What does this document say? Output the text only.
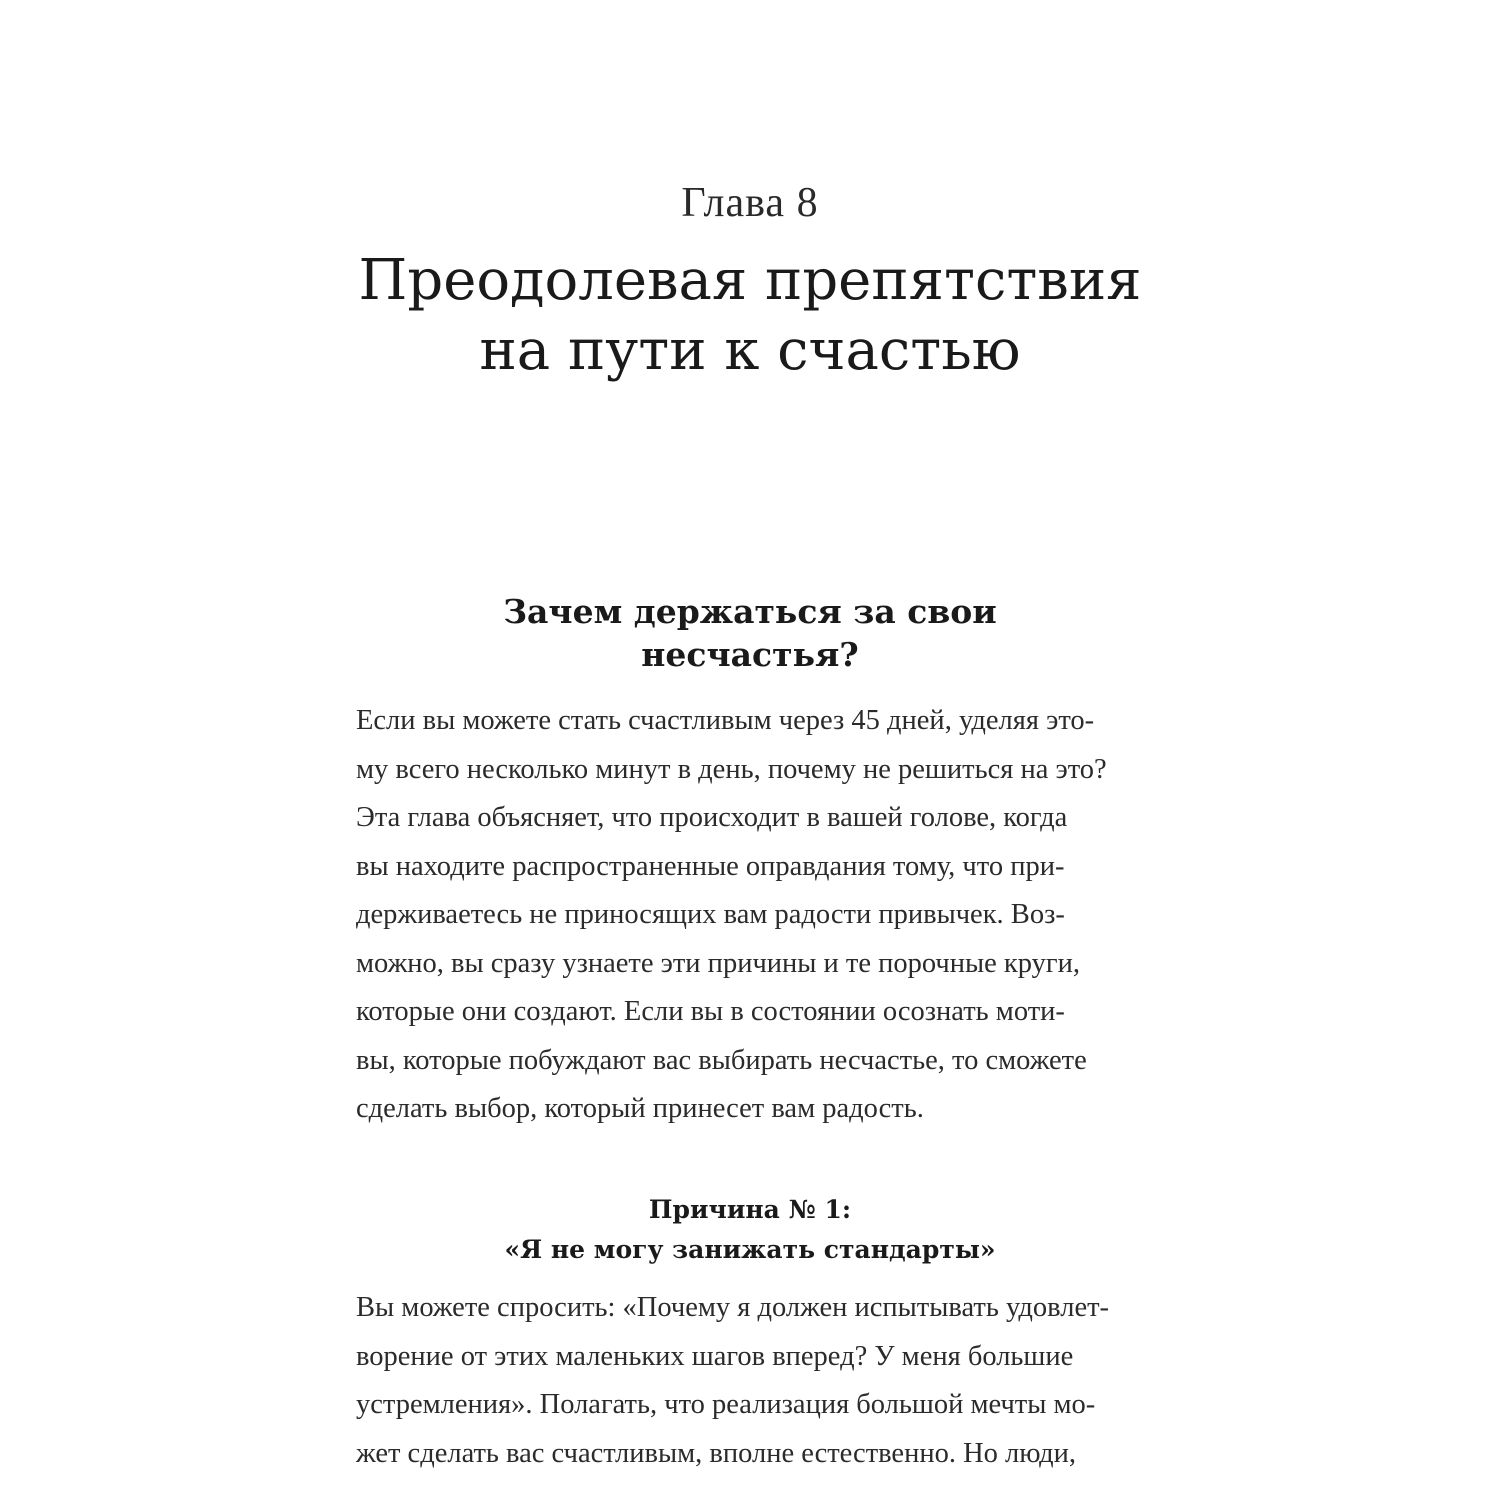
Глава 8
Преодолевая препятствия
на пути к счастью
Зачем держаться за свои
несчастья?
Если вы можете стать счастливым через 45 дней, уделяя это-
му всего несколько минут в день, почему не решиться на это?
Эта глава объясняет, что происходит в вашей голове, когда
вы находите распространенные оправдания тому, что при-
держиваетесь не приносящих вам радости привычек. Воз-
можно, вы сразу узнаете эти причины и те порочные круги,
которые они создают. Если вы в состоянии осознать моти-
вы, которые побуждают вас выбирать несчастье, то сможете
сделать выбор, который принесет вам радость.
Причина № 1:
«Я не могу занижать стандарты»
Вы можете спросить: «Почему я должен испытывать удовлет-
ворение от этих маленьких шагов вперед? У меня большие
устремления». Полагать, что реализация большой мечты мо-
жет сделать вас счастливым, вполне естественно. Но люди,
